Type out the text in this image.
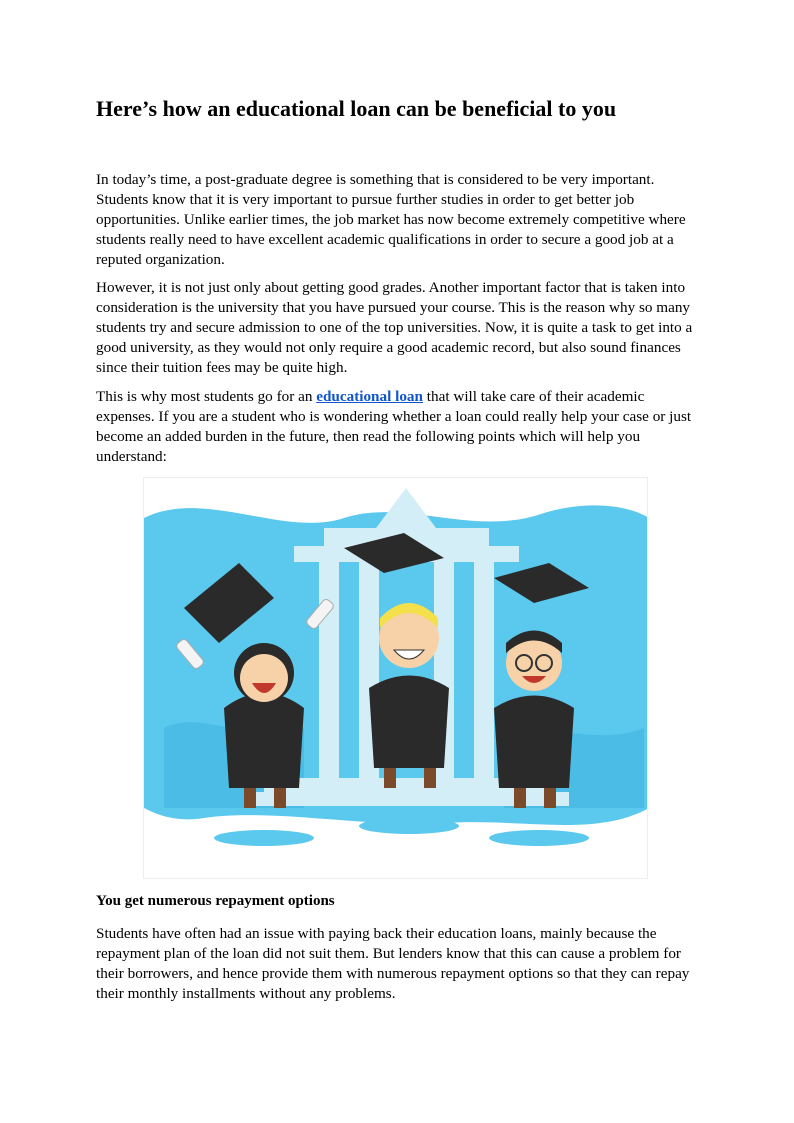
Here’s how an educational loan can be beneficial to you

In today’s time, a post-graduate degree is something that is considered to be very important. Students know that it is very important to pursue further studies in order to get better job opportunities. Unlike earlier times, the job market has now become extremely competitive where students really need to have excellent academic qualifications in order to secure a good job at a reputed organization.

However, it is not just only about getting good grades. Another important factor that is taken into consideration is the university that you have pursued your course. This is the reason why so many students try and secure admission to one of the top universities. Now, it is quite a task to get into a good university, as they would not only require a good academic record, but also sound finances since their tuition fees may be quite high.

This is why most students go for an educational loan that will take care of their academic expenses. If you are a student who is wondering whether a loan could really help your case or just become an added burden in the future, then read the following points which will help you understand:

You get numerous repayment options

Students have often had an issue with paying back their education loans, mainly because the repayment plan of the loan did not suit them. But lenders know that this can cause a problem for their borrowers, and hence provide them with numerous repayment options so that they can repay their monthly installments without any problems.
